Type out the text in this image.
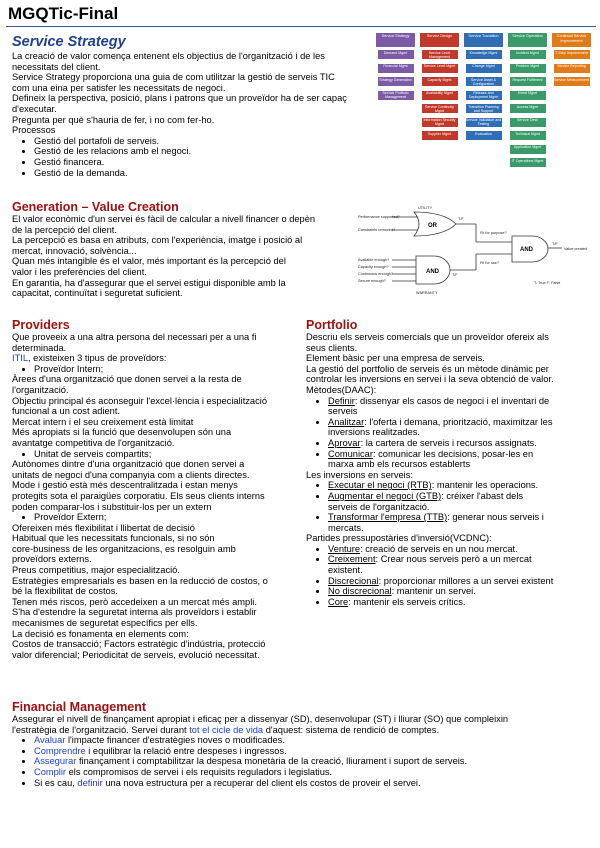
MGQTic-Final
Service Strategy

La creació de valor comença entenent els objectius de l'organització i de les

necessitats del client.

Service Strategy proporciona una guia de com utilitzar la gestió de serveis TIC

com una eina per satisfer les necessitats de negoci.

Defineix la perspectiva, posició, plans i patrons que un proveïdor ha de ser capaç

d'executar.

Pregunta per què s'hauria de fer, i no com fer-ho.

Processos

• Gestió del portafoli de serveis.
• Gestió de les relacions amb el negoci.
• Gestió financera.
• Gestió de la demanda.
Service Strategy
Demand Mgmt
Financial Mgmt
Strategy Generation
Service Portfolio Management
Service Design
Service Level Management
Service Level Mgmt
Capacity Mgmt
Availability Mgmt
Service Continuity Mgmt
Information Security Mgmt
Supplier Mgmt
Service Transition
Knowledge Mgmt
Change Mgmt
Service Asset & Configuration
Release and Deployment Mgmt
Transition Planning and Support
Service Validation and Testing
Evaluation
Service Operation
Incident Mgmt
Problem Mgmt
Request Fulfilment
Event Mgmt
Access Mgmt
Service Desk
Technical Mgmt
Application Mgmt
IT Operations Mgmt
Continual Service Improvement
7-Step Improvement
Service Reporting
Service Measurement
Generation – Value Creation

El valor econòmic d'un servei és fàcil de calcular a nivell financer o depèn

de la percepció del client.

La percepció es basa en atributs, com l'experiència, imatge i posició al

mercat, innovació, solvència...

Quan més intangible és el valor, més important és la percepció del

valor i les preferències del client.

En garantia, ha d'assegurar que el servei estigui disponible amb la

capacitat, continuïtat i seguretat suficient.

OR
AND
AND
UTILITY
WARRANTY
Performance supported?
Constraints removed?
Available enough?
Capacity enough?
Continuous enough?
Secure enough?
Fit for purpose?
Fit for use?
T/F
T/F
T/F
Value created
T: True F: False
Providers

Que proveeix a una altra persona del necessari per a una fi

determinada.

ITIL, existeixen 3 tipus de proveïdors:

• Proveïdor Intern;

Àrees d'una organització que donen servei a la resta de

l'organització.

Objectiu principal és aconseguir l'excel·lència i especialització

funcional a un cost adient.

Mercat intern i el seu creixement està limitat

Més apropiats si la funció que desenvolupen són una

avantatge competitiva de l'organització.

• Unitat de serveis compartits;

Autònomes dintre d'una organització que donen servei a

unitats de negoci d'una companyia com a clients directes.

Mode i gestió està més descentralitzada i estan menys

protegits sota el paraigües corporatiu. Els seus clients interns

poden comparar-los i substituir-los per un extern

• Proveïdor Extern;

Ofereixen més flexibilitat i llibertat de decisió

Habitual que les necessitats funcionals, si no són

core-business de les organitzacions, es resolguin amb

proveïdors externs.

Preus competitius, major especialització.

Estratègies empresarials es basen en la reducció de costos, o

bé la flexibilitat de costos.

Tenen més riscos, però accedeixen a un mercat més ampli.

S'ha d'estendre la seguretat interna als proveïdors i establir

mecanismes de seguretat específics per ells.

La decisió es fonamenta en elements com:

Costos de transacció; Factors estratègic d'indústria, protecció

valor diferencial; Periodicitat de serveis, evolució necessitat.

Portfolio

Descriu els serveis comercials que un proveïdor ofereix als

seus clients.

Element bàsic per una empresa de serveis.

La gestió del portfolio de serveis és un mètode dinàmic per

controlar les inversions en servei i la seva obtenció de valor.

Mètodes(DAAC):

• Definir: dissenyar els casos de negoci i el inventari de
serveis
• Analitzar: l'oferta i demana, priorització, maximitzar les
inversions realitzades.
• Aprovar: la cartera de serveis i recursos assignats.
• Comunicar: comunicar les decisions, posar-les en
marxa amb els recursos establerts

Les inversions en serveis:

• Executar el negoci (RTB): mantenir les operacions.
• Augmentar el negoci (GTB): créixer l'abast dels
serveis de l'organització.
• Transformar l'empresa (TTB): generar nous serveis i
mercats.

Partides pressupostàries d'inversió(VCDNC):

• Venture: creació de serveis en un nou mercat.
• Creixement: Crear nous serveis però a un mercat
existent.
• Discrecional: proporcionar millores a un servei existent
• No discrecional: mantenir un servei.
• Core: mantenir els serveis crítics.
Financial Management

Assegurar el nivell de finançament apropiat i eficaç per a dissenyar (SD), desenvolupar (ST) i lliurar (SO) que compleixin

l'estratègia de l'organització. Servei durant tot el cicle de vida d'aquest: sistema de rendició de comptes.

• Avaluar l'impacte financer d'estratègies noves o modificades.
• Comprendre i equilibrar la relació entre despeses i ingressos.
• Assegurar finançament i comptabilitzar la despesa monetària de la creació, lliurament i suport de serveis.
• Complir els compromisos de servei i els requisits reguladors i legislatius.
• Si es cau, definir una nova estructura per a recuperar del client els costos de proveir el servei.
